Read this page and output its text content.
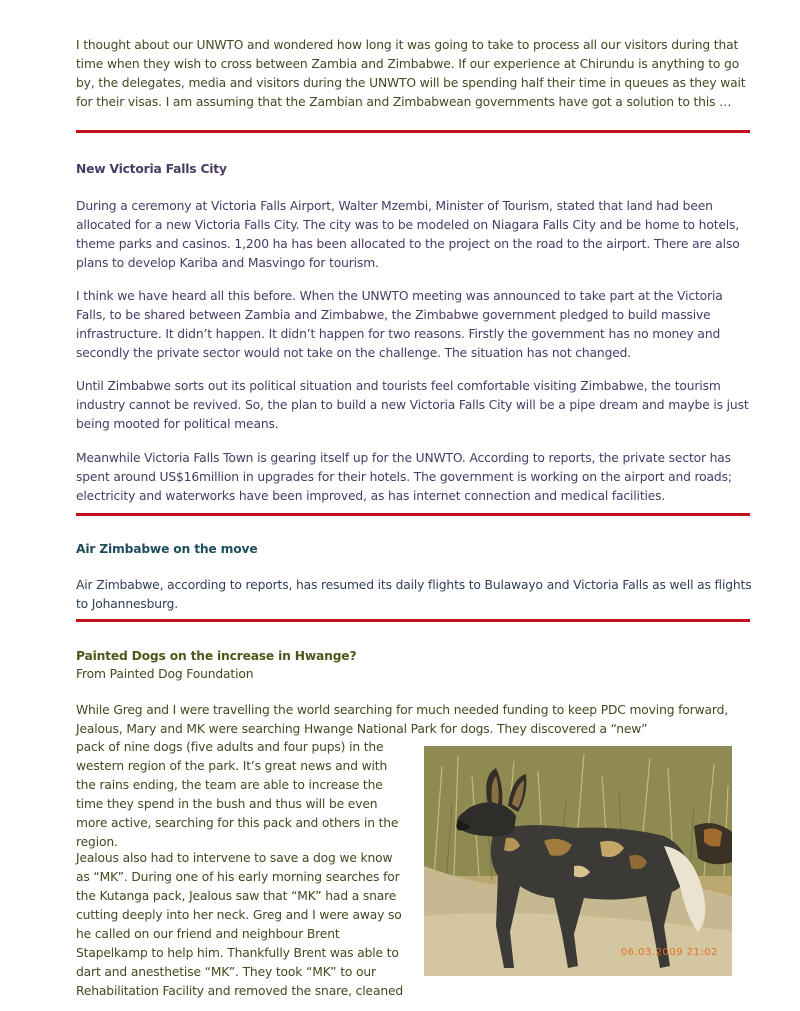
I thought about our UNWTO and wondered how long it was going to take to process all our visitors during that time when they wish to cross between Zambia and Zimbabwe. If our experience at Chirundu is anything to go by, the delegates, media and visitors during the UNWTO will be spending half their time in queues as they wait for their visas. I am assuming that the Zambian and Zimbabwean governments have got a solution to this …

New Victoria Falls City

During a ceremony at Victoria Falls Airport, Walter Mzembi, Minister of Tourism, stated that land had been allocated for a new Victoria Falls City. The city was to be modeled on Niagara Falls City and be home to hotels, theme parks and casinos. 1,200 ha has been allocated to the project on the road to the airport. There are also plans to develop Kariba and Masvingo for tourism.

I think we have heard all this before. When the UNWTO meeting was announced to take part at the Victoria Falls, to be shared between Zambia and Zimbabwe, the Zimbabwe government pledged to build massive infrastructure. It didn’t happen. It didn’t happen for two reasons. Firstly the government has no money and secondly the private sector would not take on the challenge. The situation has not changed.

Until Zimbabwe sorts out its political situation and tourists feel comfortable visiting Zimbabwe, the tourism industry cannot be revived. So, the plan to build a new Victoria Falls City will be a pipe dream and maybe is just being mooted for political means.

Meanwhile Victoria Falls Town is gearing itself up for the UNWTO. According to reports, the private sector has spent around US$16million in upgrades for their hotels. The government is working on the airport and roads; electricity and waterworks have been improved, as has internet connection and medical facilities.

Air Zimbabwe on the move

Air Zimbabwe, according to reports, has resumed its daily flights to Bulawayo and Victoria Falls as well as flights to Johannesburg.

Painted Dogs on the increase in Hwange?

From Painted Dog Foundation

While Greg and I were travelling the world searching for much needed funding to keep PDC moving forward, Jealous, Mary and MK were searching Hwange National Park for dogs. They discovered a “new”

pack of nine dogs (five adults and four pups) in the western region of the park. It’s great news and with the rains ending, the team are able to increase the time they spend in the bush and thus will be even more active, searching for this pack and others in the region.

Jealous also had to intervene to save a dog we know as “MK”. During one of his early morning searches for the Kutanga pack, Jealous saw that “MK” had a snare cutting deeply into her neck. Greg and I were away so he called on our friend and neighbour Brent Stapelkamp to help him. Thankfully Brent was able to dart and anesthetise “MK”. They took “MK” to our Rehabilitation Facility and removed the snare, cleaned

06.03.2009 21:02
